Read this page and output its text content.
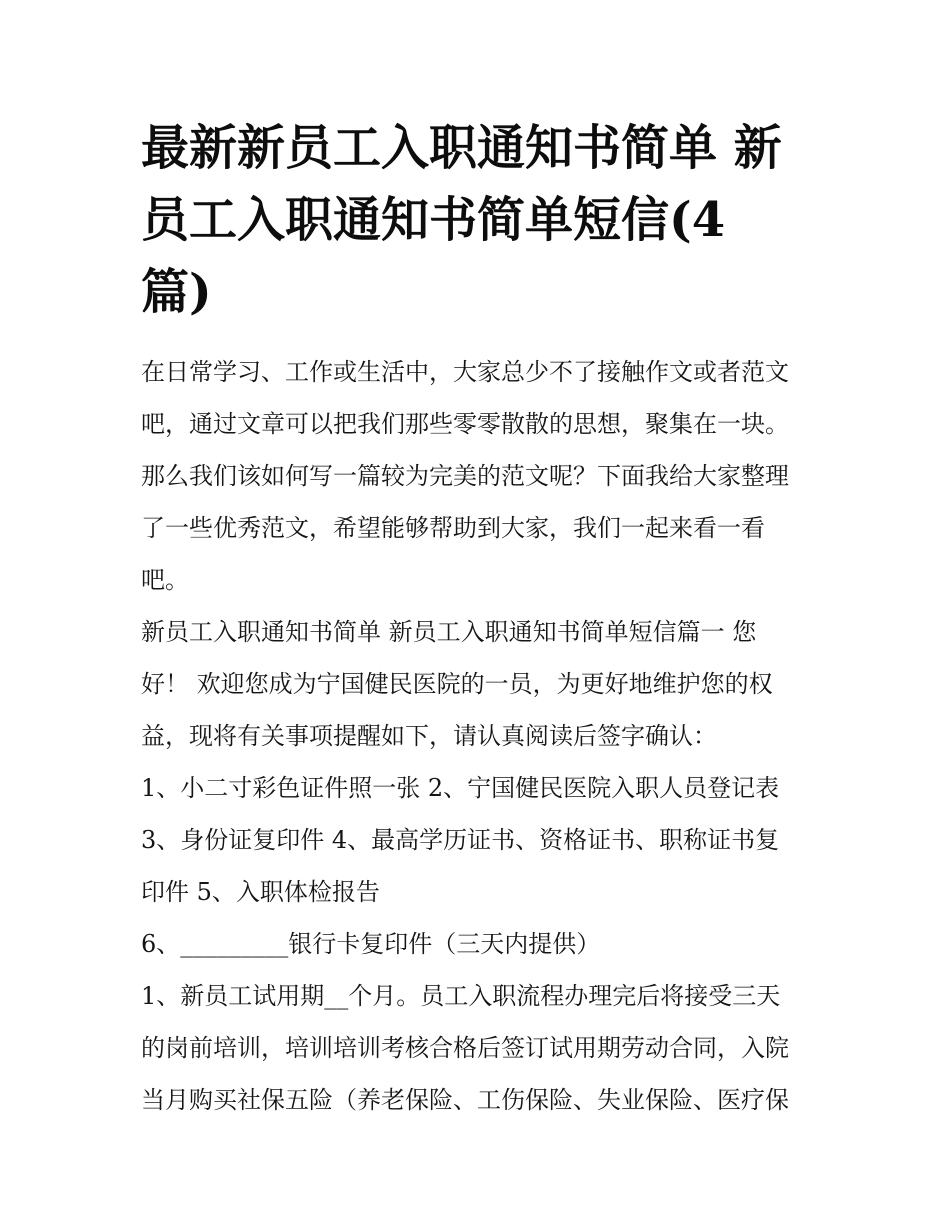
最新新员工入职通知书简单 新
员工入职通知书简单短信(4
篇)

在日常学习、工作或生活中，大家总少不了接触作文或者范文
吧，通过文章可以把我们那些零零散散的思想，聚集在一块。
那么我们该如何写一篇较为完美的范文呢？下面我给大家整理
了一些优秀范文，希望能够帮助到大家，我们一起来看一看
吧。

新员工入职通知书简单 新员工入职通知书简单短信篇一 您
好！ 欢迎您成为宁国健民医院的一员，为更好地维护您的权
益，现将有关事项提醒如下，请认真阅读后签字确认：

1、小二寸彩色证件照一张 2、宁国健民医院入职人员登记表
3、身份证复印件 4、最高学历证书、资格证书、职称证书复
印件 5、入职体检报告

6、_________银行卡复印件（三天内提供）

1、新员工试用期__个月。员工入职流程办理完后将接受三天
的岗前培训，培训培训考核合格后签订试用期劳动合同，入院
当月购买社保五险（养老保险、工伤保险、失业保险、医疗保
